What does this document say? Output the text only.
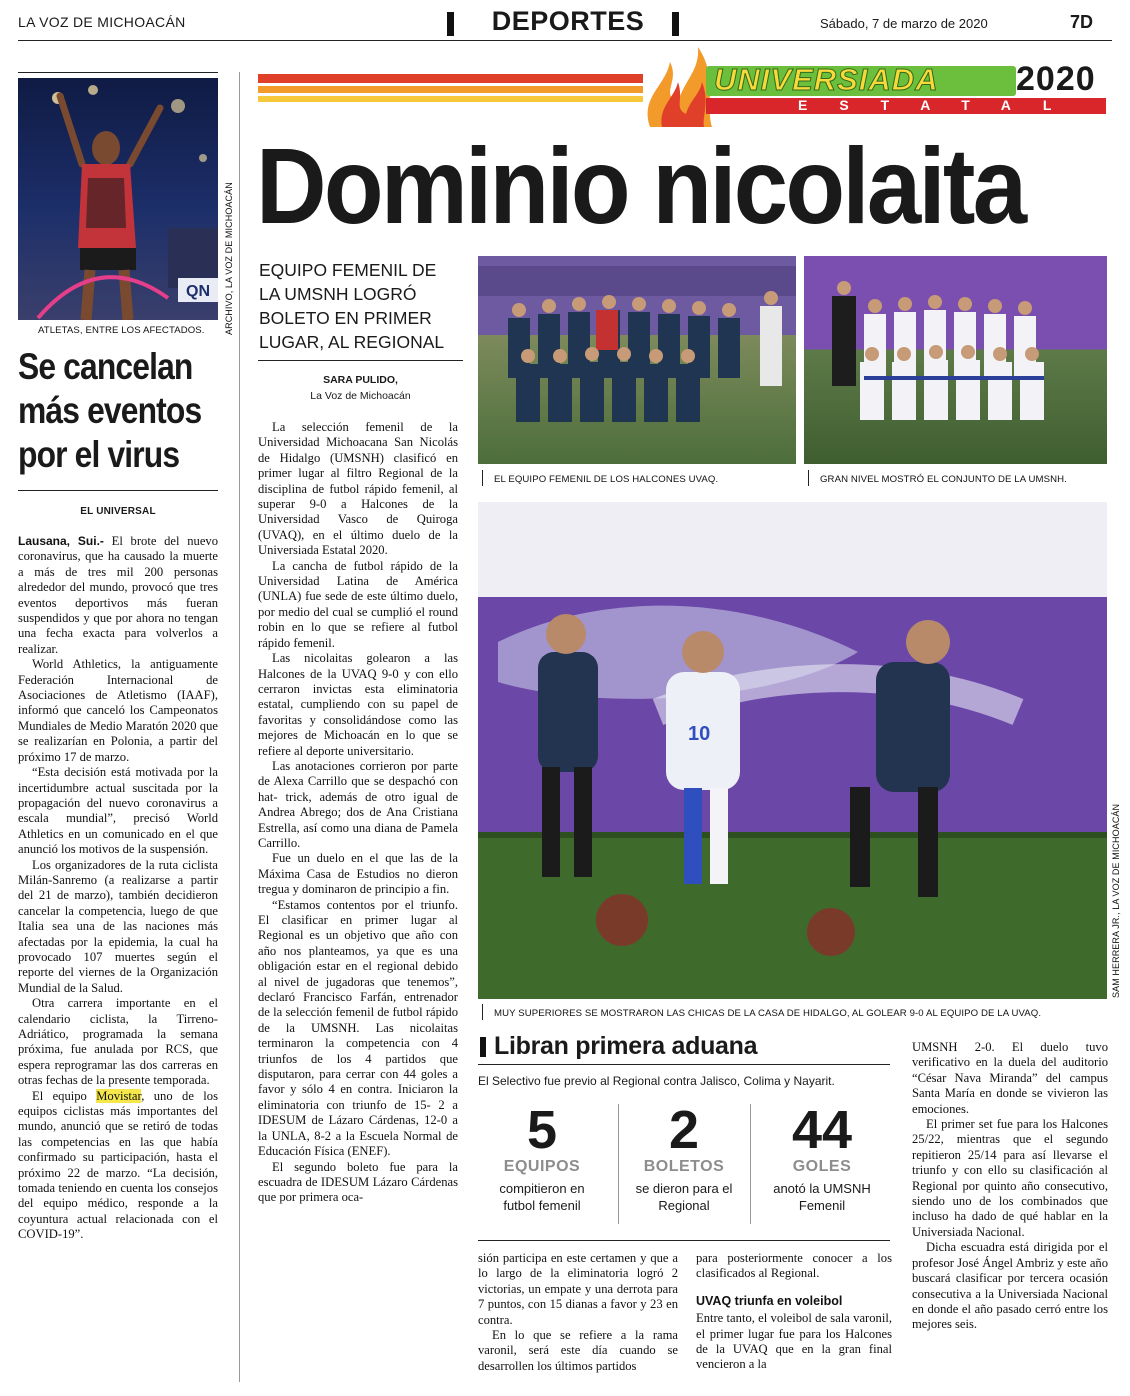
LA VOZ DE MICHOACÁN	DEPORTES	Sábado, 7 de marzo de 2020	7D
QN
ATLETAS, ENTRE LOS AFECTADOS. ARCHIVO, LA VOZ DE MICHOACÁN
Se cancelan
más eventos
por el virus
EL UNIVERSAL

Lausana, Sui.- El brote del nuevo coronavirus, que ha causado la muerte a más de tres mil 200 personas alrededor del mundo, provocó que tres eventos deportivos más fueran suspendidos y que por ahora no tengan una fecha exacta para volverlos a realizar.

World Athletics, la antiguamente Federación Internacional de Asociaciones de Atletismo (IAAF), informó que canceló los Campeonatos Mundiales de Medio Maratón 2020 que se realizarían en Polonia, a partir del próximo 17 de marzo.

“Esta decisión está motivada por la incertidumbre actual suscitada por la propagación del nuevo coronavirus a escala mundial”, precisó World Athletics en un comunicado en el que anunció los motivos de la suspensión.

Los organizadores de la ruta ciclista Milán-Sanremo (a realizarse a partir del 21 de marzo), también decidieron cancelar la competencia, luego de que Italia sea una de las naciones más afectadas por la epidemia, la cual ha provocado 107 muertes según el reporte del viernes de la Organización Mundial de la Salud.

Otra carrera importante en el calendario ciclista, la Tirreno-Adriático, programada la semana próxima, fue anulada por RCS, que espera reprogramar las dos carreras en otras fechas de la presente temporada.

El equipo Movistar, uno de los equipos ciclistas más importantes del mundo, anunció que se retiró de todas las competencias en las que había confirmado su participación, hasta el próximo 22 de marzo. “La decisión, tomada teniendo en cuenta los consejos del equipo médico, responde a la coyuntura actual relacionada con el COVID-19”.

UNIVERSIADA 2020
ESTATAL
Dominio nicolaita
EQUIPO FEMENIL DE LA UMSNH LOGRÓ BOLETO EN PRIMER LUGAR, AL REGIONAL
SARA PULIDO,
La Voz de Michoacán

La selección femenil de la Universidad Michoacana San Nicolás de Hidalgo (UMSNH) clasificó en primer lugar al filtro Regional de la disciplina de futbol rápido femenil, al superar 9-0 a Halcones de la Universidad Vasco de Quiroga (UVAQ), en el último duelo de la Universiada Estatal 2020.

La cancha de futbol rápido de la Universidad Latina de América (UNLA) fue sede de este último duelo, por medio del cual se cumplió el round robin en lo que se refiere al futbol rápido femenil.

Las nicolaitas golearon a las Halcones de la UVAQ 9-0 y con ello cerraron invictas esta eliminatoria estatal, cumpliendo con su papel de favoritas y consolidándose como las mejores de Michoacán en lo que se refiere al deporte universitario.

Las anotaciones corrieron por parte de Alexa Carrillo que se despachó con hat- trick, además de otro igual de Andrea Abrego; dos de Ana Cristiana Estrella, así como una diana de Pamela Carrillo.

Fue un duelo en el que las de la Máxima Casa de Estudios no dieron tregua y dominaron de principio a fin.

“Estamos contentos por el triunfo. El clasificar en primer lugar al Regional es un objetivo que año con año nos planteamos, ya que es una obligación estar en el regional debido al nivel de jugadoras que tenemos”, declaró Francisco Farfán, entrenador de la selección femenil de futbol rápido de la UMSNH. Las nicolaitas terminaron la competencia con 4 triunfos de los 4 partidos que disputaron, para cerrar con 44 goles a favor y sólo 4 en contra. Iniciaron la eliminatoria con triunfo de 15- 2 a IDESUM de Lázaro Cárdenas, 12-0 a la UNLA, 8-2 a la Escuela Normal de Educación Física (ENEF).

El segundo boleto fue para la escuadra de IDESUM Lázaro Cárdenas que por primera oca-

EL EQUIPO FEMENIL DE LOS HALCONES UVAQ.	GRAN NIVEL MOSTRÓ EL CONJUNTO DE LA UMSNH.
10
MUY SUPERIORES SE MOSTRARON LAS CHICAS DE LA CASA DE HIDALGO, AL GOLEAR 9-0 AL EQUIPO DE LA UVAQ.
SAM HERRERA JR., LA VOZ DE MICHOACÁN
Libran primera aduana
El Selectivo fue previo al Regional contra Jalisco, Colima y Nayarit.
5
EQUIPOS
compitieron en futbol femenil
2
BOLETOS
se dieron para el Regional
44
GOLES
anotó la UMSNH Femenil

sión participa en este certamen y que a lo largo de la eliminatoria logró 2 victorias, un empate y una derrota para 7 puntos, con 15 dianas a favor y 23 en contra.

En lo que se refiere a la rama varonil, será este día cuando se desarrollen los últimos partidos

para posteriormente conocer a los clasificados al Regional.

UVAQ triunfa en voleibol

Entre tanto, el voleibol de sala varonil, el primer lugar fue para los Halcones de la UVAQ que en la gran final vencieron a la

UMSNH 2-0. El duelo tuvo verificativo en la duela del auditorio “César Nava Miranda” del campus Santa María en donde se vivieron las emociones.

El primer set fue para los Halcones 25/22, mientras que el segundo repitieron 25/14 para así llevarse el triunfo y con ello su clasificación al Regional por quinto año consecutivo, siendo uno de los combinados que incluso ha dado de qué hablar en la Universiada Nacional.

Dicha escuadra está dirigida por el profesor José Ángel Ambriz y este año buscará clasificar por tercera ocasión consecutiva a la Universiada Nacional en donde el año pasado cerró entre los mejores seis.
